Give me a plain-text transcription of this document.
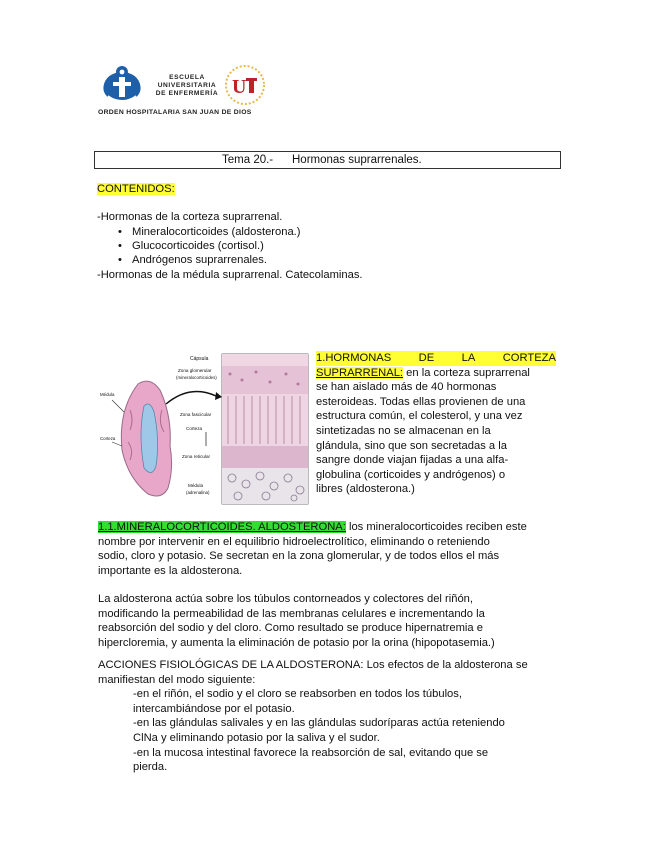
ESCUELA
UNIVERSITARIA
DE ENFERMERÍA U
ORDEN HOSPITALARIA SAN JUAN DE DIOS
Tema 20.- Hormonas suprarrenales.
CONTENIDOS:
-Hormonas de la corteza suprarrenal.
• Mineralocorticoides (aldosterona.)
• Glucocorticoides (cortisol.)
• Andrógenos suprarrenales.
-Hormonas de la médula suprarrenal. Catecolaminas.
Cápsula
Zona glomerular
(mineralocorticoides)
Zona fascicular
Corteza
Zona reticular
Médula
(adrenalina)
Médula
Corteza
1.HORMONAS DE LA CORTEZA
SUPRARRENAL: en la corteza suprarrenal
se han aislado más de 40 hormonas
esteroideas. Todas ellas provienen de una
estructura común, el colesterol, y una vez
sintetizadas no se almacenan en la
glándula, sino que son secretadas a la
sangre donde viajan fijadas a una alfa-
globulina (corticoides y andrógenos) o
libres (aldosterona.)
1.1.MINERALOCORTICOIDES. ALDOSTERONA: los mineralocorticoides reciben este
nombre por intervenir en el equilibrio hidroelectrolítico, eliminando o reteniendo
sodio, cloro y potasio. Se secretan en la zona glomerular, y de todos ellos el más
importante es la aldosterona.
La aldosterona actúa sobre los túbulos contorneados y colectores del riñón,
modificando la permeabilidad de las membranas celulares e incrementando la
reabsorción del sodio y del cloro. Como resultado se produce hipernatremia e
hipercloremia, y aumenta la eliminación de potasio por la orina (hipopotasemia.)
ACCIONES FISIOLÓGICAS DE LA ALDOSTERONA: Los efectos de la aldosterona se
manifiestan del modo siguiente:
-en el riñón, el sodio y el cloro se reabsorben en todos los túbulos,
intercambiándose por el potasio.
-en las glándulas salivales y en las glándulas sudoríparas actúa reteniendo
ClNa y eliminando potasio por la saliva y el sudor.
-en la mucosa intestinal favorece la reabsorción de sal, evitando que se
pierda.
